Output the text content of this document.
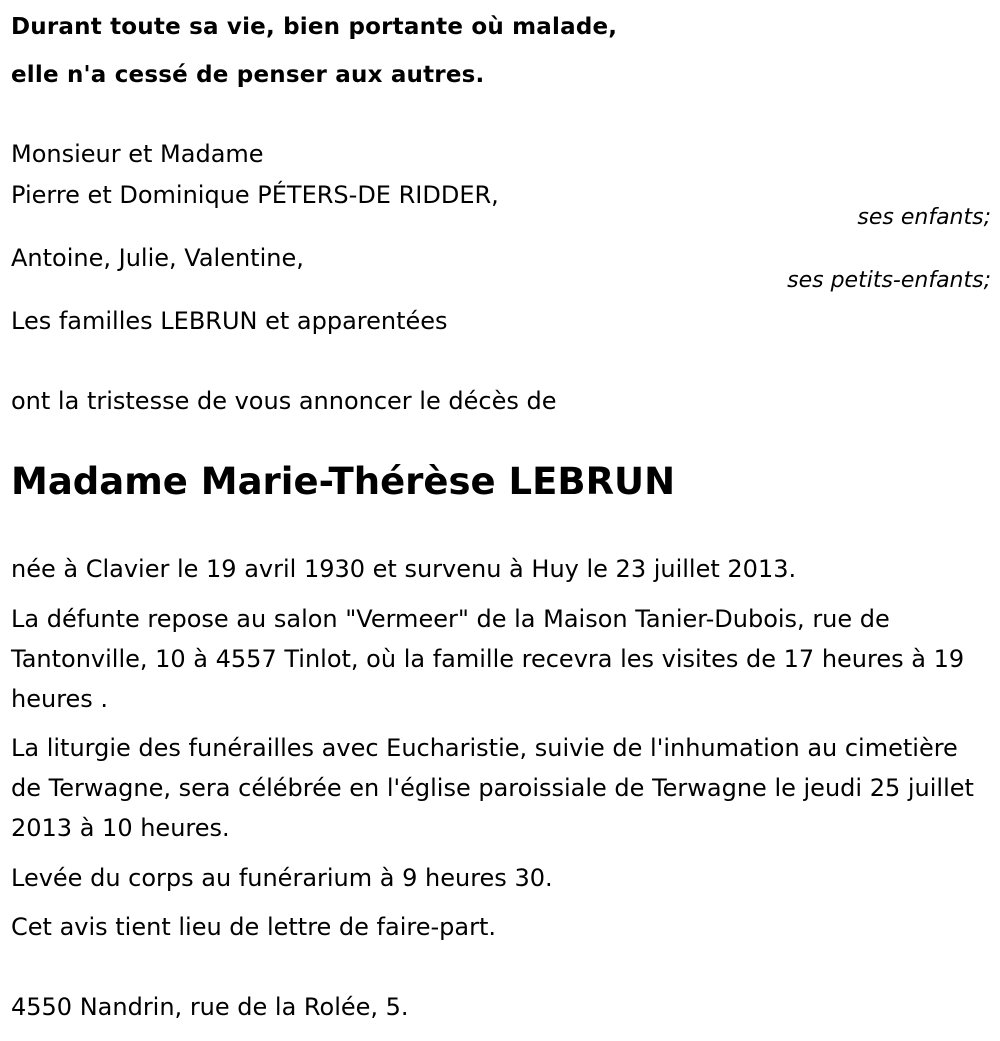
Durant toute sa vie, bien portante où malade,

elle n'a cessé de penser aux autres.

Monsieur et Madame

Pierre et Dominique PÉTERS-DE RIDDER,

ses enfants;

Antoine, Julie, Valentine,

ses petits-enfants;

Les familles LEBRUN et apparentées

ont la tristesse de vous annoncer le décès de

Madame Marie-Thérèse LEBRUN

née à Clavier le 19 avril 1930 et survenu à Huy le 23 juillet 2013.

La défunte repose au salon "Vermeer" de la Maison Tanier-Dubois, rue de Tantonville, 10 à 4557 Tinlot, où la famille recevra les visites de 17 heures à 19 heures .

La liturgie des funérailles avec Eucharistie, suivie de l'inhumation au cimetière de Terwagne, sera célébrée en l'église paroissiale de Terwagne le jeudi 25 juillet 2013 à 10 heures.

Levée du corps au funérarium à 9 heures 30.

Cet avis tient lieu de lettre de faire-part.

4550 Nandrin, rue de la Rolée, 5.
